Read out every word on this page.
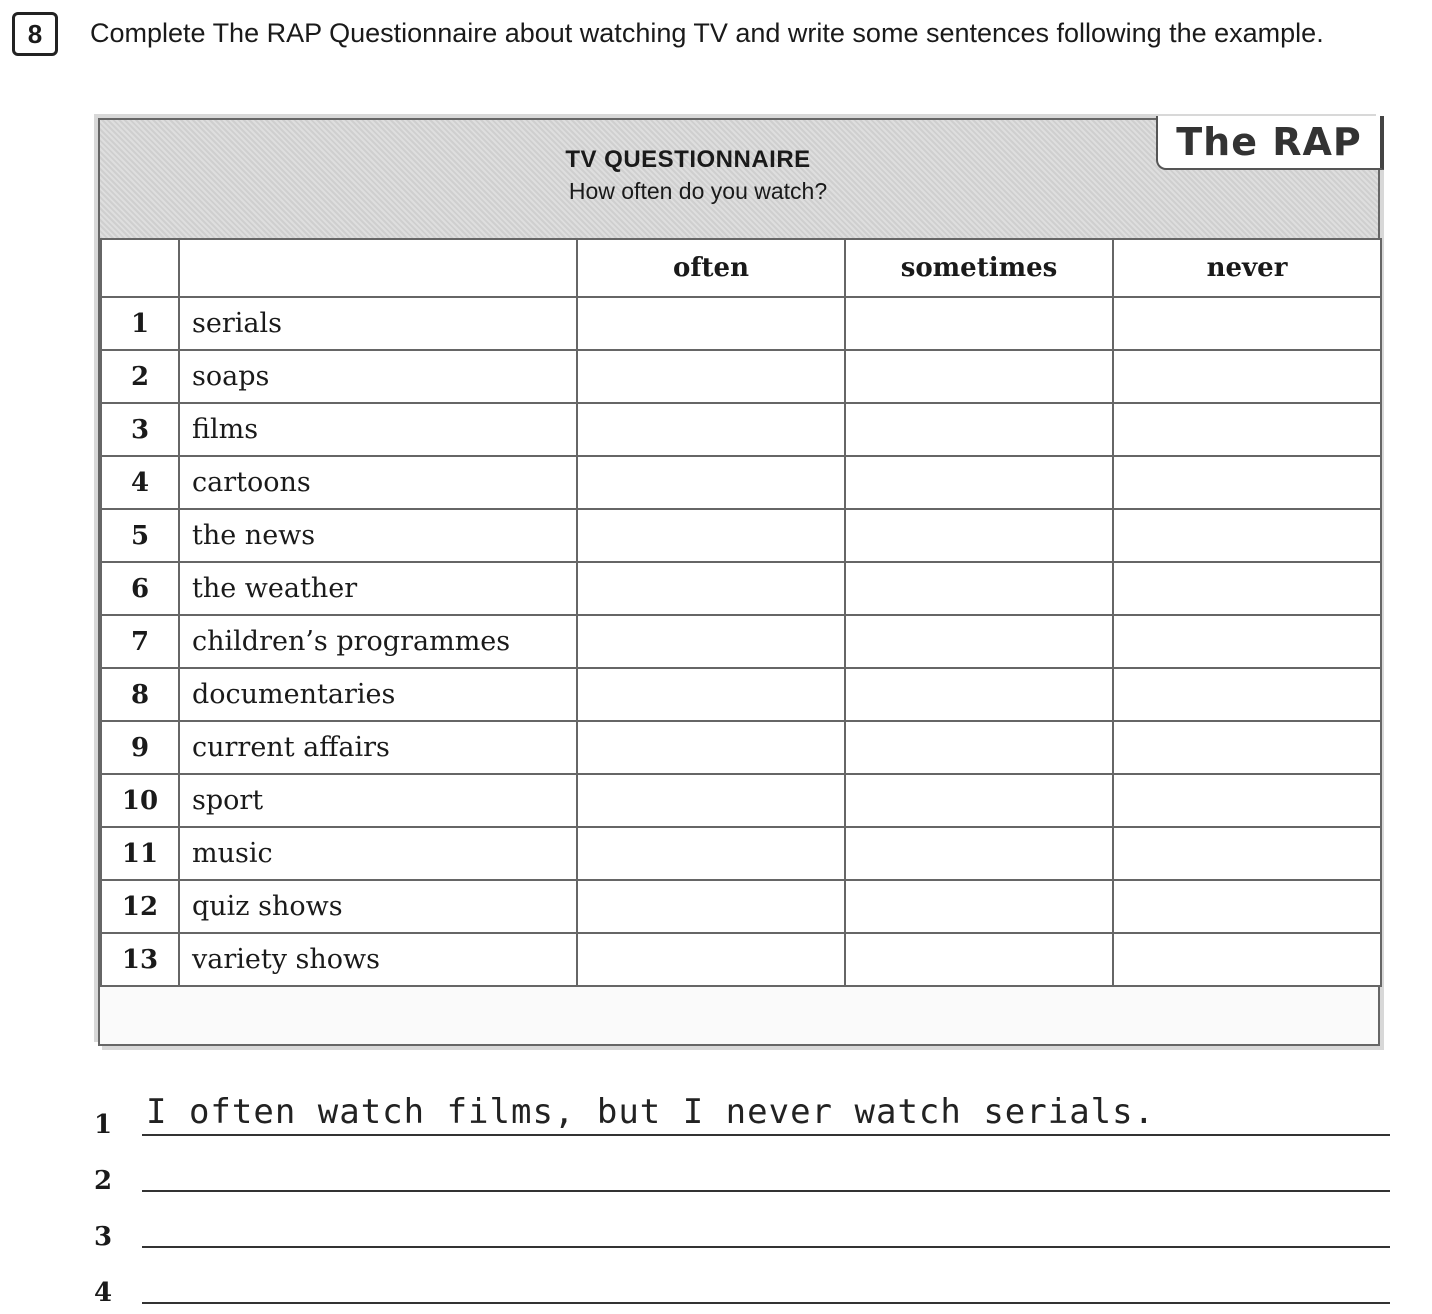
8	Complete The RAP Questionnaire about watching TV and write some sentences following the example.
TV QUESTIONNAIRE
How often do you watch?
The RAP
		often	sometimes	never
1	serials			
2	soaps			
3	films			
4	cartoons			
5	the news			
6	the weather			
7	children’s programmes			
8	documentaries			
9	current affairs			
10	sport			
11	music			
12	quiz shows			
13	variety shows			
1 I often watch films, but I never watch serials.
2
3
4
